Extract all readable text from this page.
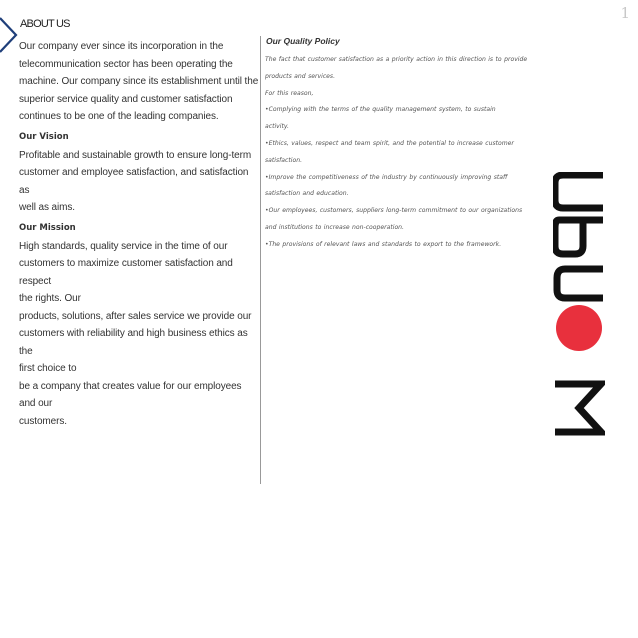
1
ABOUT US

Our company ever since its incorporation in the

telecommunication sector has been operating the

machine. Our company since its establishment until the

superior service quality and customer satisfaction

continues to be one of the leading companies.

Our Vision

Profitable and sustainable growth to ensure long-term

customer and employee satisfaction, and satisfaction as

well as aims.

Our Mission

High standards, quality service in the time of our

customers to maximize customer satisfaction and respect

the rights. Our

products, solutions, after sales service we provide our

customers with reliability and high business ethics as the

first choice to

be a company that creates value for our employees and our

customers.

Our Quality Policy

The fact that customer satisfaction as a priority action in this direction is to provide

products and services.

For this reason,

•Complying with the terms of the quality management system, to sustain

activity.

•Ethics, values, respect and team spirit, and the potential to increase customer

satisfaction.

•Improve the competitiveness of the industry by continuously improving staff

satisfaction and education.

•Our employees, customers, suppliers long-term commitment to our organizations

and institutions to increase non-cooperation.

•The provisions of relevant laws and standards to export to the framework.
